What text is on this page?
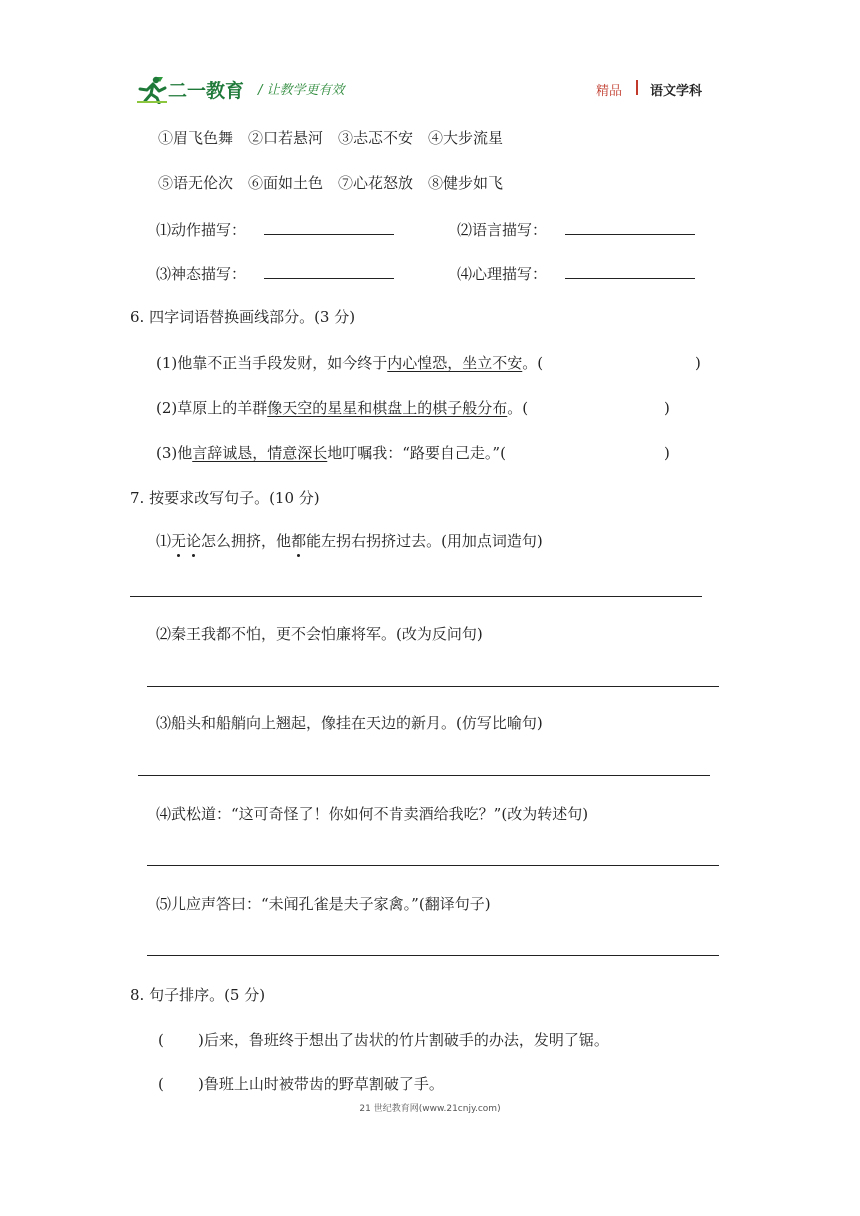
二一教育 / 让教学更有效	精品 语文学科
①眉飞色舞　②口若悬河　③忐忑不安　④大步流星
⑤语无伦次　⑥面如土色　⑦心花怒放　⑧健步如飞
⑴动作描写：	⑵语言描写：
⑶神态描写：	⑷心理描写：
6. 四字词语替换画线部分。(3 分)
(1)他靠不正当手段发财，如今终于内心惶恐，坐立不安。(	)
(2)草原上的羊群像天空的星星和棋盘上的棋子般分布。(	)
(3)他言辞诚恳，情意深长地叮嘱我：“路要自己走。”(	)
7. 按要求改写句子。(10 分)
⑴无论怎么拥挤，他都能左拐右拐挤过去。(用加点词造句)
⑵秦王我都不怕，更不会怕廉将军。(改为反问句)
⑶船头和船艄向上翘起，像挂在天边的新月。(仿写比喻句)
⑷武松道：“这可奇怪了！你如何不肯卖酒给我吃？”(改为转述句)
⑸儿应声答曰：“未闻孔雀是夫子家禽。”(翻译句子)
8. 句子排序。(5 分)
( )后来，鲁班终于想出了齿状的竹片割破手的办法，发明了锯。
( )鲁班上山时被带齿的野草割破了手。
21 世纪教育网(www.21cnjy.com)
